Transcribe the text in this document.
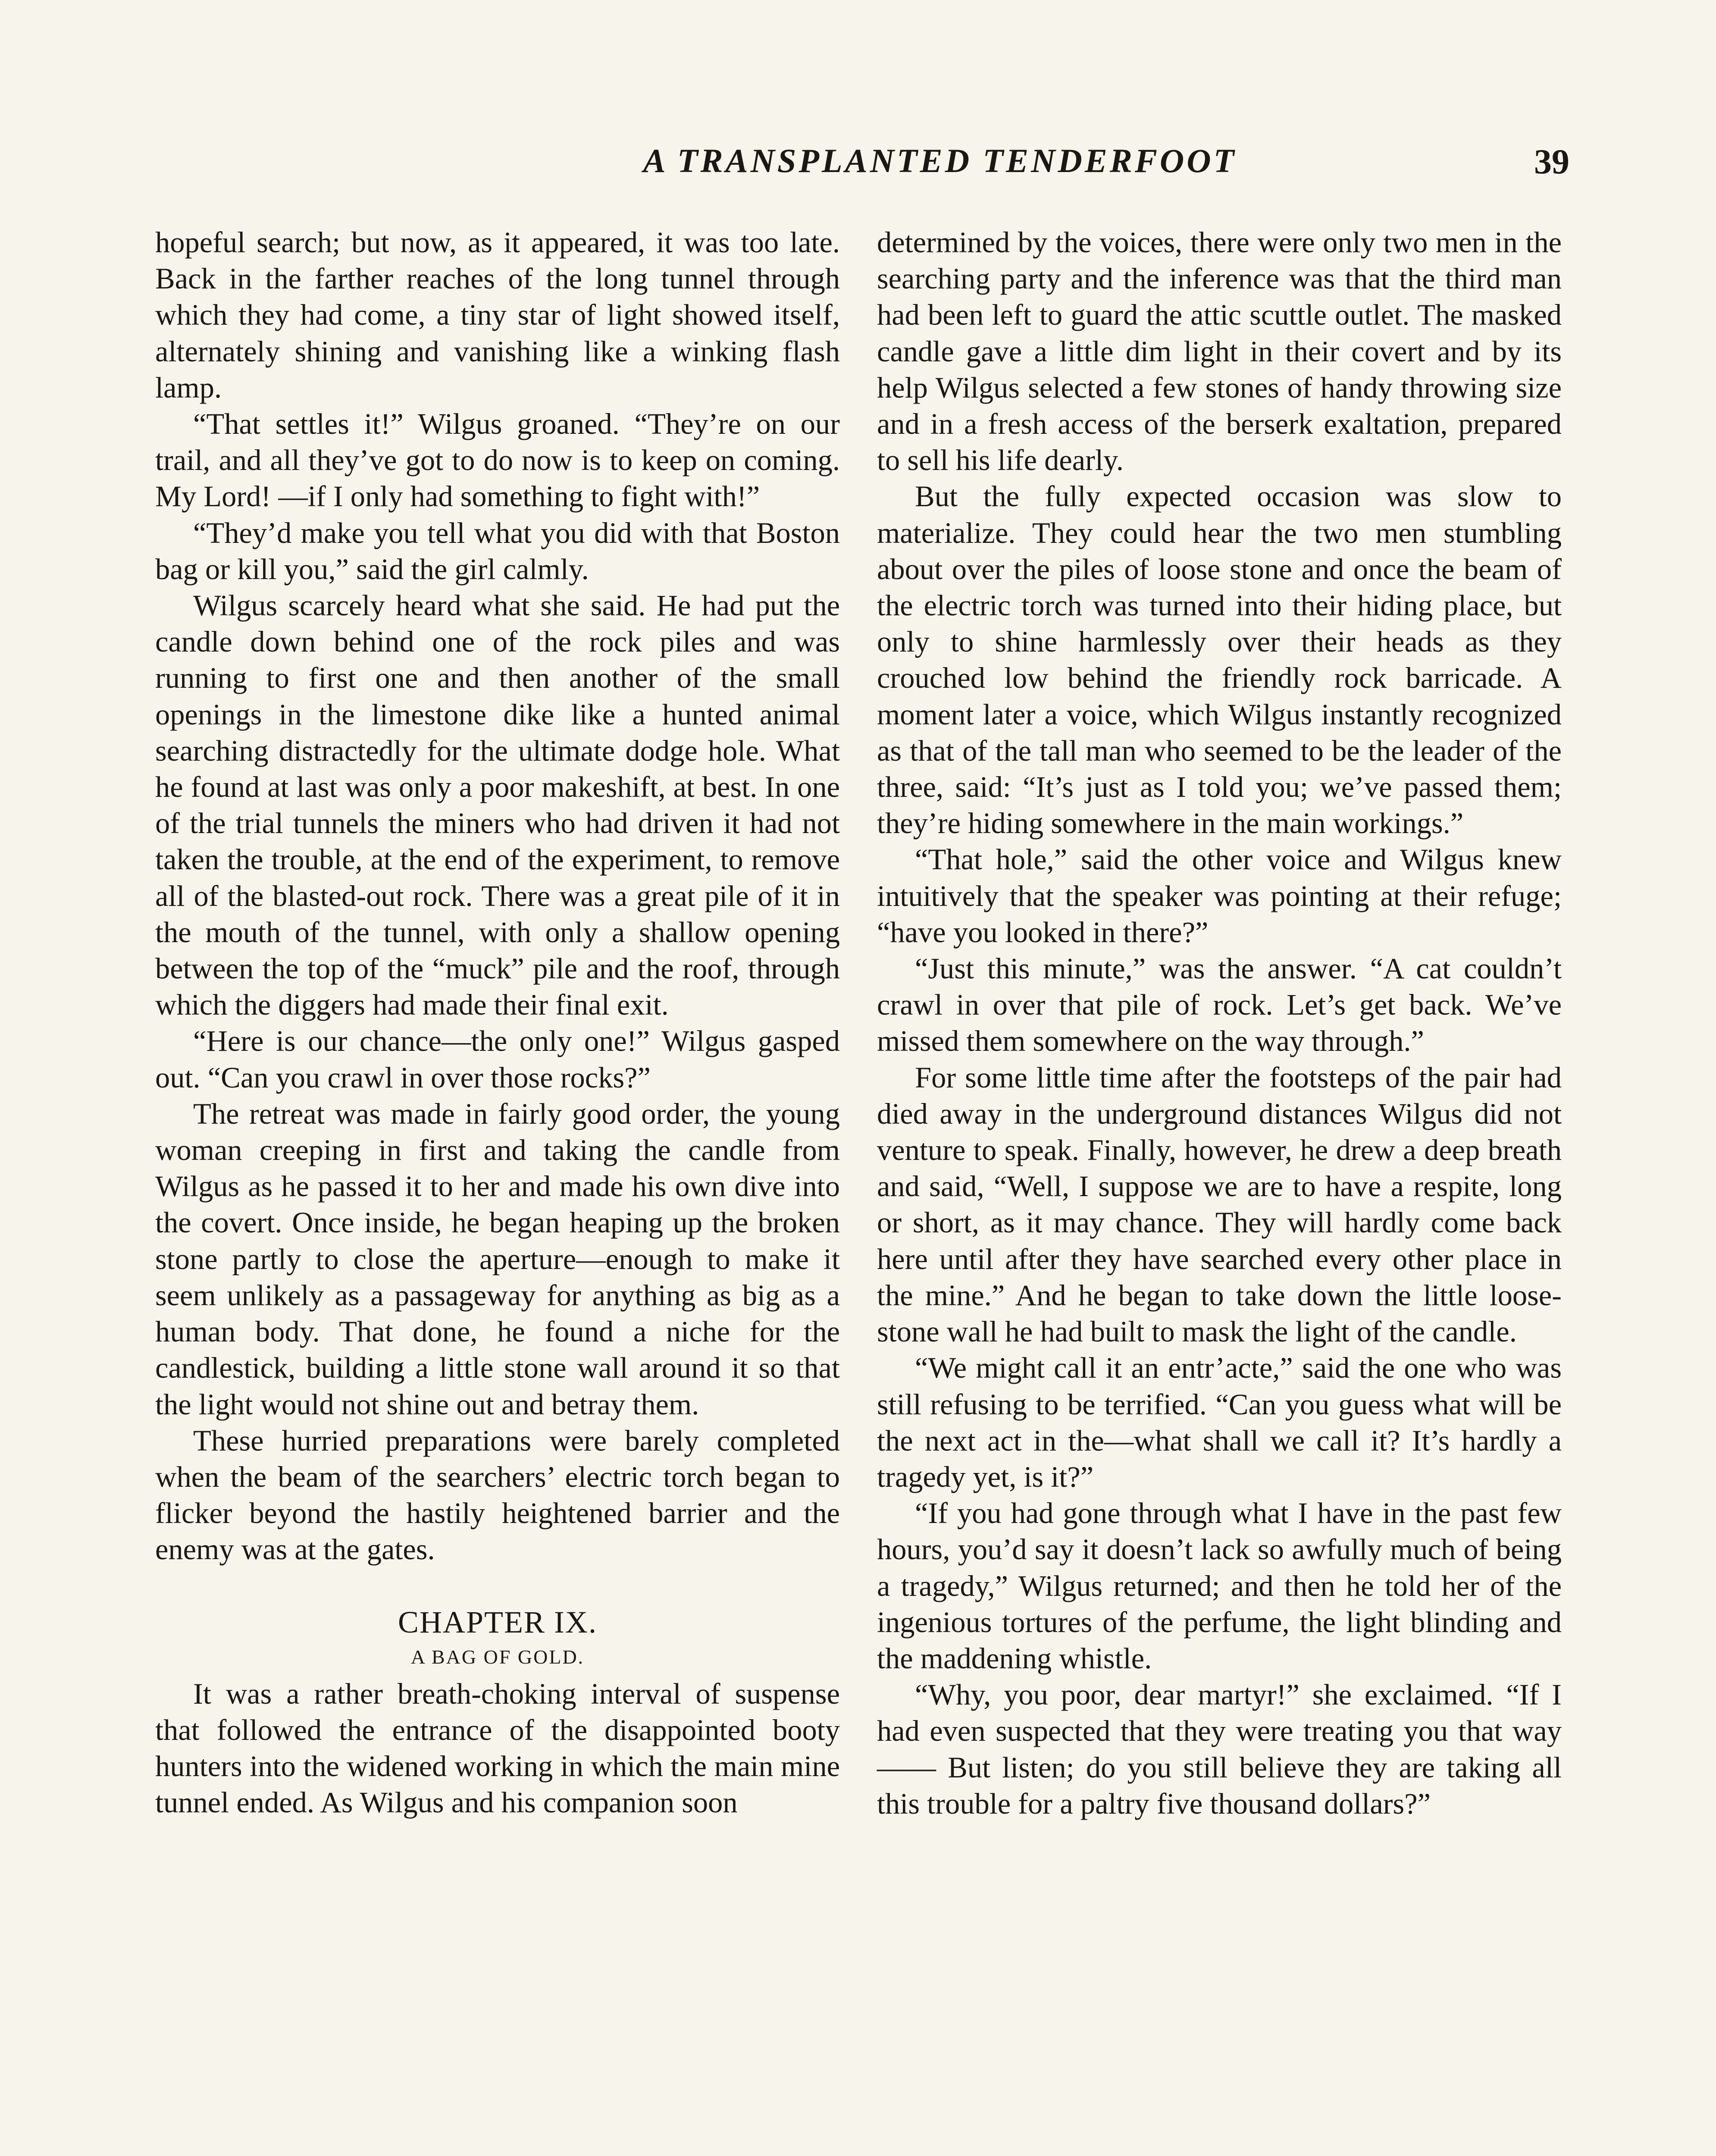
A TRANSPLANTED TENDERFOOT	39

hopeful search; but now, as it appeared, it was too late. Back in the farther reaches of the long tunnel through which they had come, a tiny star of light showed itself, alternately shining and vanishing like a winking flash lamp.

“That settles it!” Wilgus groaned. “They’re on our trail, and all they’ve got to do now is to keep on coming. My Lord! —if I only had something to fight with!”

“They’d make you tell what you did with that Boston bag or kill you,” said the girl calmly.

Wilgus scarcely heard what she said. He had put the candle down behind one of the rock piles and was running to first one and then another of the small openings in the limestone dike like a hunted animal searching distractedly for the ultimate dodge hole. What he found at last was only a poor makeshift, at best. In one of the trial tunnels the miners who had driven it had not taken the trouble, at the end of the experiment, to remove all of the blasted-out rock. There was a great pile of it in the mouth of the tunnel, with only a shallow opening between the top of the “muck” pile and the roof, through which the diggers had made their final exit.

“Here is our chance—the only one!” Wilgus gasped out. “Can you crawl in over those rocks?”

The retreat was made in fairly good order, the young woman creeping in first and taking the candle from Wilgus as he passed it to her and made his own dive into the covert. Once inside, he began heaping up the broken stone partly to close the aperture—enough to make it seem unlikely as a passageway for anything as big as a human body. That done, he found a niche for the candlestick, building a little stone wall around it so that the light would not shine out and betray them.

These hurried preparations were barely completed when the beam of the searchers’ electric torch began to flicker beyond the hastily heightened barrier and the enemy was at the gates.

CHAPTER IX.
A BAG OF GOLD.

It was a rather breath-choking interval of suspense that followed the entrance of the disappointed booty hunters into the widened working in which the main mine tunnel ended. As Wilgus and his companion soon

determined by the voices, there were only two men in the searching party and the inference was that the third man had been left to guard the attic scuttle outlet. The masked candle gave a little dim light in their covert and by its help Wilgus selected a few stones of handy throwing size and in a fresh access of the berserk exaltation, prepared to sell his life dearly.

But the fully expected occasion was slow to materialize. They could hear the two men stumbling about over the piles of loose stone and once the beam of the electric torch was turned into their hiding place, but only to shine harmlessly over their heads as they crouched low behind the friendly rock barricade. A moment later a voice, which Wilgus instantly recognized as that of the tall man who seemed to be the leader of the three, said: “It’s just as I told you; we’ve passed them; they’re hiding somewhere in the main workings.”

“That hole,” said the other voice and Wilgus knew intuitively that the speaker was pointing at their refuge; “have you looked in there?”

“Just this minute,” was the answer. “A cat couldn’t crawl in over that pile of rock. Let’s get back. We’ve missed them somewhere on the way through.”

For some little time after the footsteps of the pair had died away in the underground distances Wilgus did not venture to speak. Finally, however, he drew a deep breath and said, “Well, I suppose we are to have a respite, long or short, as it may chance. They will hardly come back here until after they have searched every other place in the mine.” And he began to take down the little loose-stone wall he had built to mask the light of the candle.

“We might call it an entr’acte,” said the one who was still refusing to be terrified. “Can you guess what will be the next act in the—what shall we call it? It’s hardly a tragedy yet, is it?”

“If you had gone through what I have in the past few hours, you’d say it doesn’t lack so awfully much of being a tragedy,” Wilgus returned; and then he told her of the ingenious tortures of the perfume, the light blinding and the maddening whistle.

“Why, you poor, dear martyr!” she exclaimed. “If I had even suspected that they were treating you that way—— But listen; do you still believe they are taking all this trouble for a paltry five thousand dollars?”
